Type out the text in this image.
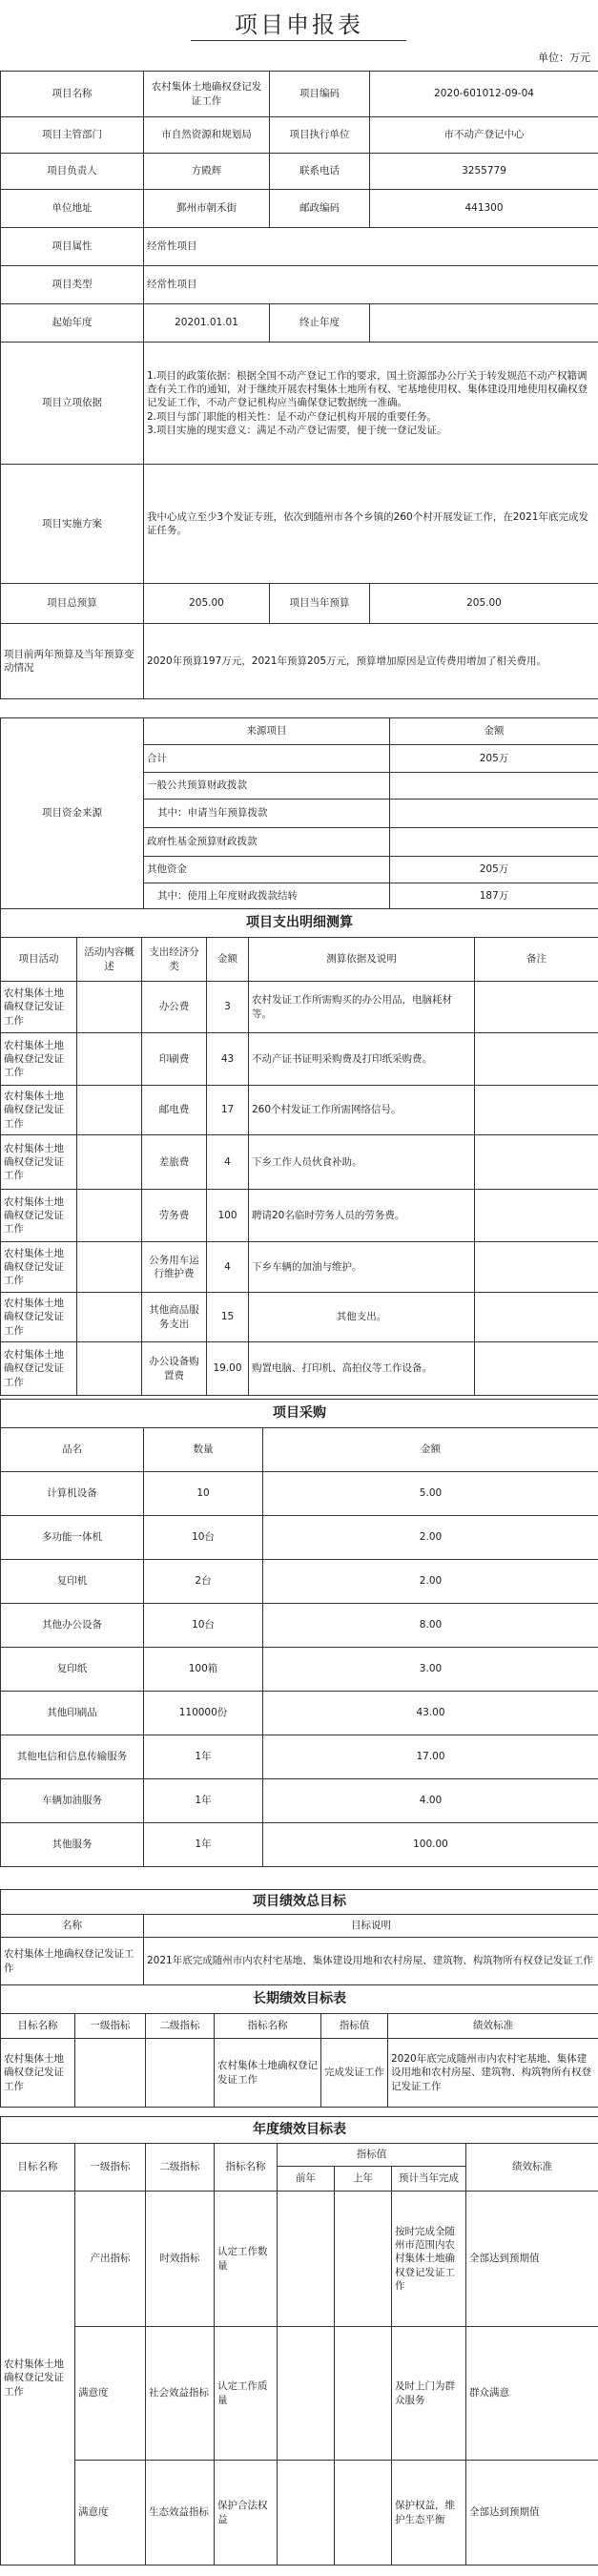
项目申报表
单位：万元
项目名称	农村集体土地确权登记发证工作	项目编码	2020-601012-09-04
项目主管部门	市自然资源和规划局	项目执行单位	市不动产登记中心
项目负责人	方殿辉	联系电话	3255779
单位地址	鄞州市朝禾街	邮政编码	441300
项目属性	经常性项目		
项目类型	经常性项目		
起始年度	20201.01.01	终止年度	
项目立项依据	1.项目的政策依据：根据全国不动产登记工作的要求，国土资源部办公厅关于转发规范不动产权籍调查有关工作的通知，对于继续开展农村集体土地所有权、宅基地使用权、集体建设用地使用权确权登记发证工作，不动产登记机构应当确保登记数据统一准确。
2.项目与部门职能的相关性：是不动产登记机构开展的重要任务。
3.项目实施的现实意义：满足不动产登记需要，便于统一登记发证。		
项目实施方案	我中心成立至少3个发证专班，依次到随州市各个乡镇的260个村开展发证工作，在2021年底完成发证任务。		
项目总预算	205.00	项目当年预算	205.00
项目前两年预算及当年预算变动情况	2020年预算197万元，2021年预算205万元，预算增加原因是宣传费用增加了相关费用。		
项目资金来源	来源项目	金额
	合计	205万
	一般公共预算财政拨款	
	其中：申请当年预算拨款	
	政府性基金预算财政拨款	
	其他资金	205万
	其中：使用上年度财政拨款结转	187万
项目支出明细测算					
项目活动	活动内容概述	支出经济分类	金额	测算依据及说明	备注
农村集体土地确权登记发证工作		办公费	3	农村发证工作所需购买的办公用品，电脑耗材等。	
农村集体土地确权登记发证工作		印刷费	43	不动产证书证明采购费及打印纸采购费。	
农村集体土地确权登记发证工作		邮电费	17	260个村发证工作所需网络信号。	
农村集体土地确权登记发证工作		差旅费	4	下乡工作人员伙食补助。	
农村集体土地确权登记发证工作		劳务费	100	聘请20名临时劳务人员的劳务费。	
农村集体土地确权登记发证工作		公务用车运行维护费	4	下乡车辆的加油与维护。	
农村集体土地确权登记发证工作		其他商品服务支出	15	其他支出。	
农村集体土地确权登记发证工作		办公设备购置费	19.00	购置电脑、打印机、高拍仪等工作设备。	
项目采购		
品名	数量	金额
计算机设备	10	5.00
多功能一体机	10台	2.00
复印机	2台	2.00
其他办公设备	10台	8.00
复印纸	100箱	3.00
其他印刷品	110000份	43.00
其他电信和信息传输服务	1年	17.00
车辆加油服务	1年	4.00
其他服务	1年	100.00
项目绩效总目标	
名称	目标说明
农村集体土地确权登记发证工作	2021年底完成随州市内农村宅基地、集体建设用地和农村房屋、建筑物、构筑物所有权登记发证工作
长期绩效目标表					
目标名称	一级指标	二级指标	指标名称	指标值	绩效标准
农村集体土地确权登记发证工作			农村集体土地确权登记发证工作	完成发证工作	2020年底完成随州市内农村宅基地、集体建设用地和农村房屋、建筑物、构筑物所有权登记发证工作
年度绩效目标表							
目标名称	一级指标	二级指标	指标名称	指标值			绩效标准
				前年	上年	预计当年完成	
农村集体土地确权登记发证工作	产出指标	时效指标	认定工作数量			按时完成全随州市范围内农村集体土地确权登记发证工作	全部达到预期值
	满意度	社会效益指标	认定工作质量			及时上门为群众服务	群众满意
	满意度	生态效益指标	保护合法权益			保护权益，维护生态平衡	全部达到预期值
